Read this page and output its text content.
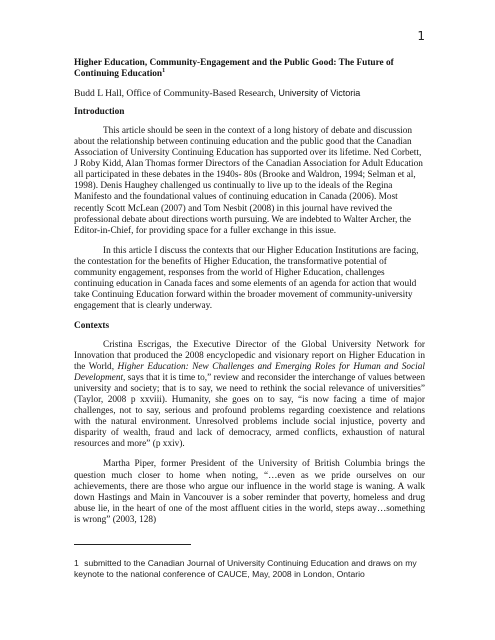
1
Higher Education, Community-Engagement and the Public Good: The Future of Continuing Education$^1$
Budd L Hall, Office of Community-Based Research, University of Victoria
Introduction

This article should be seen in the context of a long history of debate and discussion about the relationship between continuing education and the public good that the Canadian Association of University Continuing Education has supported over its lifetime. Ned Corbett, J Roby Kidd, Alan Thomas former Directors of the Canadian Association for Adult Education all participated in these debates in the 1940s- 80s (Brooke and Waldron, 1994; Selman et al, 1998). Denis Haughey challenged us continually to live up to the ideals of the Regina Manifesto and the foundational values of continuing education in Canada (2006). Most recently Scott McLean (2007) and Tom Nesbit (2008) in this journal have revived the professional debate about directions worth pursuing. We are indebted to Walter Archer, the Editor-in-Chief, for providing space for a fuller exchange in this issue.

In this article I discuss the contexts that our Higher Education Institutions are facing, the contestation for the benefits of Higher Education, the transformative potential of community engagement, responses from the world of Higher Education, challenges continuing education in Canada faces and some elements of an agenda for action that would take Continuing Education forward within the broader movement of community-university engagement that is clearly underway.

Contexts

Cristina Escrigas, the Executive Director of the Global University Network for Innovation that produced the 2008 encyclopedic and visionary report on Higher Education in the World, Higher Education: New Challenges and Emerging Roles for Human and Social Development, says that it is time to,” review and reconsider the interchange of values between university and society; that is to say, we need to rethink the social relevance of universities” (Taylor, 2008 p xxviii). Humanity, she goes on to say, “is now facing a time of major challenges, not to say, serious and profound problems regarding coexistence and relations with the natural environment. Unresolved problems include social injustice, poverty and disparity of wealth, fraud and lack of democracy, armed conflicts, exhaustion of natural resources and more” (p xxiv).

Martha Piper, former President of the University of British Columbia brings the question much closer to home when noting, “…even as we pride ourselves on our achievements, there are those who argue our influence in the world stage is waning. A walk down Hastings and Main in Vancouver is a sober reminder that poverty, homeless and drug abuse lie, in the heart of one of the most affluent cities in the world, steps away…something is wrong” (2003, 128)

1 submitted to the Canadian Journal of University Continuing Education and draws on my keynote to the national conference of CAUCE, May, 2008 in London, Ontario
